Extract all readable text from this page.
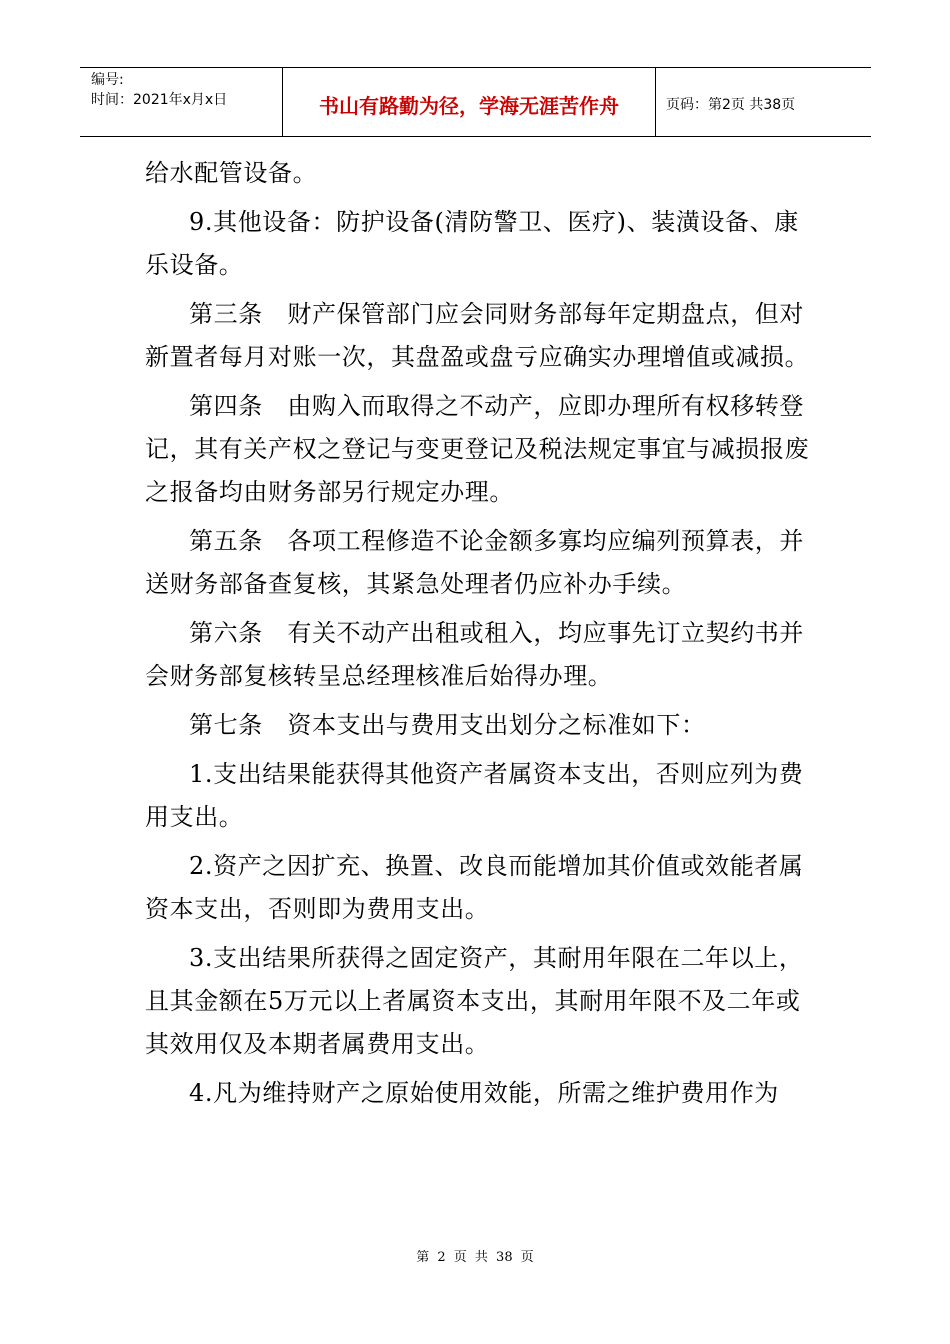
编号:
时间：2021年x月x日	书山有路勤为径，学海无涯苦作舟	页码：第2页 共38页

给水配管设备。

9.其他设备：防护设备(清防警卫、医疗)、装潢设备、康乐设备。

第三条　财产保管部门应会同财务部每年定期盘点，但对新置者每月对账一次，其盘盈或盘亏应确实办理增值或减损。

第四条　由购入而取得之不动产，应即办理所有权移转登记，其有关产权之登记与变更登记及税法规定事宜与减损报废之报备均由财务部另行规定办理。

第五条　各项工程修造不论金额多寡均应编列预算表，并送财务部备查复核，其紧急处理者仍应补办手续。

第六条　有关不动产出租或租入，均应事先订立契约书并会财务部复核转呈总经理核准后始得办理。

第七条　资本支出与费用支出划分之标准如下：

1.支出结果能获得其他资产者属资本支出，否则应列为费用支出。

2.资产之因扩充、换置、改良而能增加其价值或效能者属资本支出，否则即为费用支出。

3.支出结果所获得之固定资产，其耐用年限在二年以上，且其金额在5万元以上者属资本支出，其耐用年限不及二年或其效用仅及本期者属费用支出。

4.凡为维持财产之原始使用效能，所需之维护费用作为

第 2 页 共 38 页
